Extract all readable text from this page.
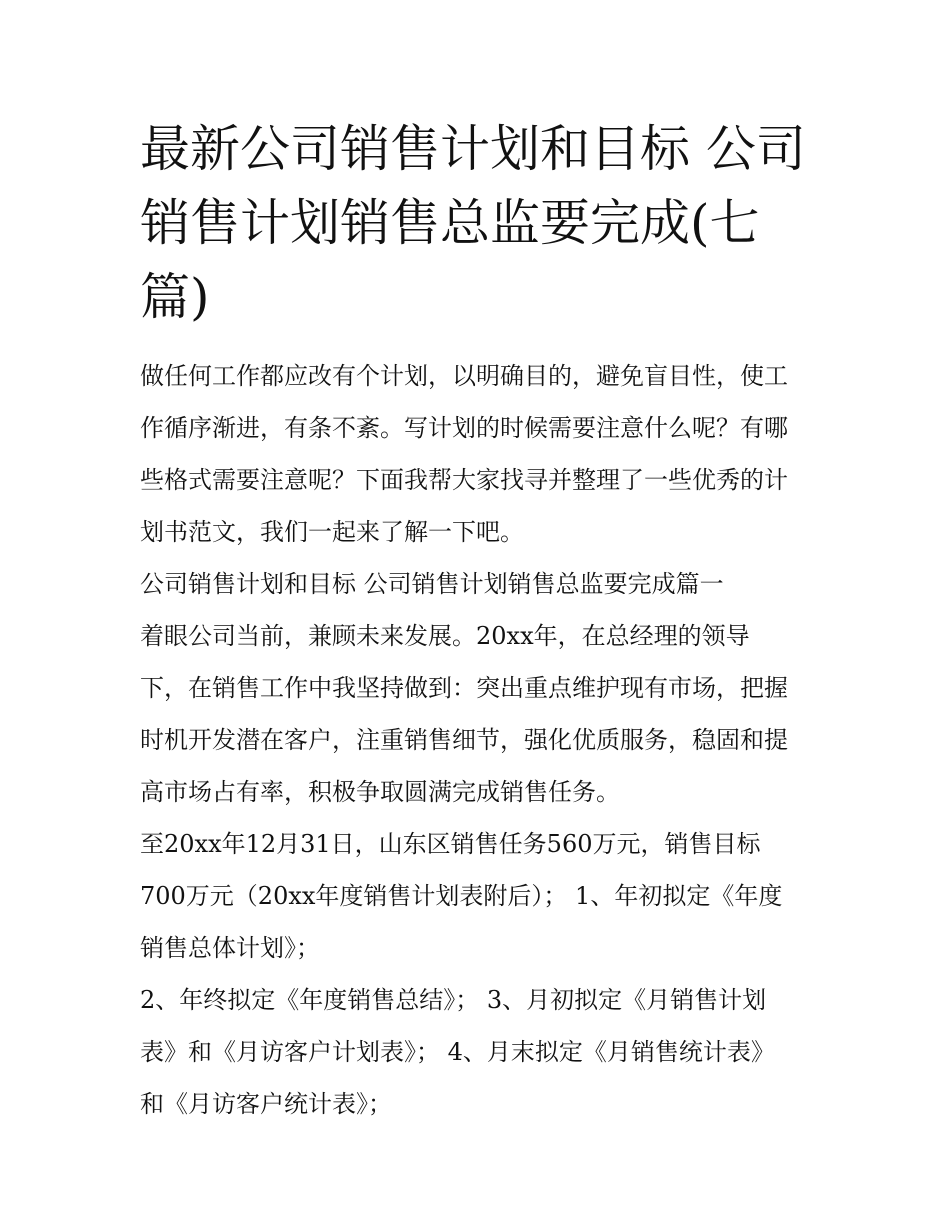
最新公司销售计划和目标 公司
销售计划销售总监要完成(七
篇)

做任何工作都应改有个计划，以明确目的，避免盲目性，使工
作循序渐进，有条不紊。写计划的时候需要注意什么呢？有哪
些格式需要注意呢？下面我帮大家找寻并整理了一些优秀的计
划书范文，我们一起来了解一下吧。

公司销售计划和目标 公司销售计划销售总监要完成篇一

着眼公司当前，兼顾未来发展。20xx年，在总经理的领导
下，在销售工作中我坚持做到：突出重点维护现有市场，把握
时机开发潜在客户，注重销售细节，强化优质服务，稳固和提
高市场占有率，积极争取圆满完成销售任务。

至20xx年12月31日，山东区销售任务560万元，销售目标
700万元（20xx年度销售计划表附后）； 1、年初拟定《年度
销售总体计划》；

2、年终拟定《年度销售总结》； 3、月初拟定《月销售计划
表》和《月访客户计划表》； 4、月末拟定《月销售统计表》
和《月访客户统计表》；
